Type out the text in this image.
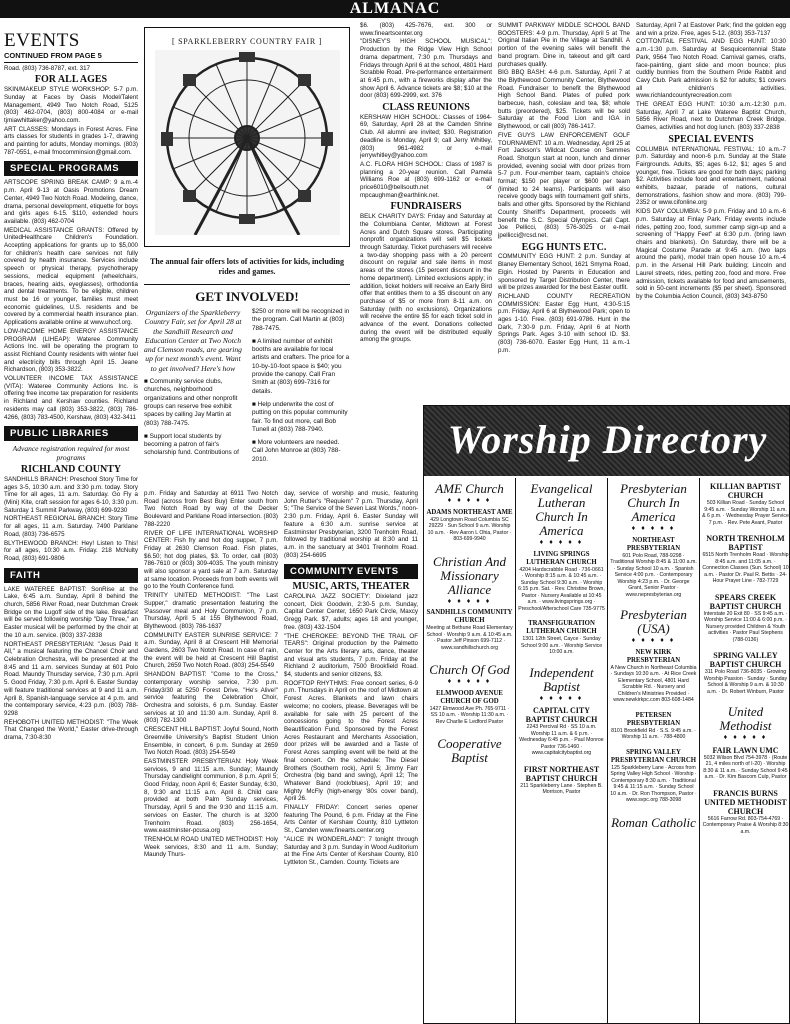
ALMANAC
EVENTS
CONTINUED FROM PAGE 5

Road. (803) 736-8787, ext. 317

FOR ALL AGES

SKIN/MAKEUP STYLE WORKSHOP: 5-7 p.m. Sunday at Faces by Oasis Model/Talent Management, 4949 Two Notch Road, 5125 (803) 462-0704, (803) 800-4084 or e-mail tjmiawhittaker@yahoo.com.

ART CLASSES: Mondays in Forest Acres. Fine arts classes for students in grades 1-7, drawing and painting for adults, Monday mornings. (803) 787-0551, e-mail fmocomminsion@gmail.com.

SPECIAL PROGRAMS

ARTSCOPE SPRING BREAK CAMP: 9 a.m.-4 p.m. April 9-13 at Oasis Promotions Dream Center, 4949 Two Notch Road. Modeling, dance, drama, personal development, etiquette for boys and girls ages 6-15. $110, extended hours available. (803) 462-0704

MEDICAL ASSISTANCE GRANTS: Offered by UnitedHealthcare Children's Foundation. Accepting applications for grants up to $5,000 for children's health care services not fully covered by health insurance. Services include speech or physical therapy, psychotherapy sessions, medical equipment (wheelchairs, braces, hearing aids, eyeglasses), orthodontia and dental treatments. To be eligible, children must be 16 or younger, families must meet economic guidelines, U.S. residents and be covered by a commercial health insurance plan. Applications available online at www.uhccf.org.

LOW-INCOME HOME ENERGY ASSISTANCE PROGRAM (LIHEAP): Wateree Community Actions Inc. will be operating the program to assist Richland County residents with winter fuel and electricity bills through April 15. Jeane Richardson, (803) 353-3822.

VOLUNTEER INCOME TAX ASSISTANCE (VITA): Wateree Community Actions Inc. is offering free income tax preparation for residents in Richland and Kershaw counties. Richland residents may call (803) 353-3822, (803) 786-4266, (803) 783-4500, Kershaw, (803) 432-3411

PUBLIC LIBRARIES
Advance registration required for most programs
RICHLAND COUNTY

SANDHILLS BRANCH: Preschool Story Time for ages 3-5, 10:30 a.m. and 3:30 p.m. today. Story Time for all ages, 11 a.m. Saturday. Go Fly a (Mini) Kite, craft session for ages 6-10, 3:30 p.m. Saturday 1 Summit Parkway, (803) 699-9230

NORTHEAST REGIONAL BRANCH: Story Time for all ages, 11 a.m. Saturday. 7490 Parklane Road, (803) 736-6575

BLYTHEWOOD BRANCH: Hey! Listen to This! for all ages, 10:30 a.m. Friday. 218 McNulty Road, (803) 691-9806

FAITH

LAKE WATEREE BAPTIST: SonRise at the Lake, 6:45 a.m. Sunday, April 8 behind the church, 5856 River Road, near Dutchman Creek Bridge on the Lugoff side of the lake. Breakfast will be served following worship "Day Three," an Easter musical will be performed by the choir at the 10 a.m. service. (803) 337-2838

NORTHEAST PRESBYTERIAN: "Jesus Paid It All," a musical featuring the Chancel Choir and Celebration Orchestra, will be presented at the 8:45 and 11 a.m. services Sunday at 601 Polo Road. Maundy Thursday service, 7:30 p.m. April 5. Good Friday, 7:30 p.m. April 6. Easter Sunday will feature traditional services at 9 and 11 a.m. April 8, Spanish-language service at 4 p.m. and the contemporary service, 4:23 p.m. (803) 788-9298

REHOBOTH UNITED METHODIST: "The Week That Changed the World," Easter drive-through drama, 7:30-8:30

[ SPARKLEBERRY COUNTRY FAIR ]
The annual fair offers lots of activities for kids, including rides and games.
GET INVOLVED!

Organizers of the Sparkleberry Country Fair, set for April 28 at the Sandhill Research and Education Center at Two Notch and Clemson roads, are gearing up for next month's event. Want to get involved? Here's how

■ Community service clubs, churches, neighborhood organizations and other nonprofit groups can reserve free exhibit spaces by calling Jay Martin at (803) 788-7475.

■ Support local students by becoming a patron of fair's scholarship fund. Contributions of

$250 or more will be recognized in the program. Call Martin at (803) 788-7475.

■ A limited number of exhibit booths are available for local artists and crafters. The price for a 10-by-10-foot space is $40; you provide the canopy. Call Fran Smith at (803) 699-7316 for details.

■ Help underwrite the cost of putting on this popular community fair. To find out more, call Bob Tunell at (803) 788-7940.

■ More volunteers are needed. Call John Monroe at (803) 788-2010.

p.m. Friday and Saturday at 6911 Two Notch Road (across from Best Buy) Enter south from Two Notch Road by way of the Decker Boulevard and Parklane Road intersection. (803) 788-2220

RIVER OF LIFE INTERNATIONAL WORSHIP CENTER: Fish fry and hot dog supper, 7 p.m. Friday at 2630 Clemson Road. Fish plates, $6.50; hot dog plates, $3. To order, call (803) 786-7610 or (803) 309-4035. The youth ministry will also sponsor a yard sale at 7 a.m. Saturday at same location. Proceeds from both events will go to the Youth Conference fund.

TRINITY UNITED METHODIST: "The Last Supper," dramatic presentation featuring the 'Passover meal and Holy Communion, 7 p.m. Thursday, April 5 at 155 Blythewood Road, Blythewood. (803) 786-1637

COMMUNITY EASTER SUNRISE SERVICE: 7 a.m. Sunday, April 8 at Crescent Hill Memorial Gardens, 2603 Two Notch Road. In case of rain, the event will be held at Crescent Hill Baptist Church, 2659 Two Notch Road. (803) 254-5549

SHANDON BAPTIST: "Come to the Cross," contemporary worship service, 7:30 p.m. Friday3/30 at 5250 Forest Drive. "He's Alive!" service featuring the Celebration Choir, Orchestra and soloists, 6 p.m. Sunday. Easter services at 10 and 11:30 a.m. Sunday, April 8. (803) 782-1300

CRESCENT HILL BAPTIST: Joyful Sound, North Greenville University's Baptist Student Union Ensemble, in concert, 6 p.m. Sunday at 2659 Two Notch Road. (803) 254-5549

EASTMINSTER PRESBYTERIAN: Holy Week services, 9 and 11:15 a.m. Sunday; Maundy Thursday candlelight communion, 8 p.m. April 5; Good Friday, noon April 6; Easter Sunday, 6:30, 8, 9:30 and 11:15 a.m. April 8. Child care provided at both Palm Sunday services, Thursday, April 5 and the 9:30 and 11:15 a.m. services on Easter. The church is at 3200 Trenholm Road. (803) 256-1654, www.eastminster-pcusa.org

TRENHOLM ROAD UNITED METHODIST: Holy Week services, 8:30 and 11 a.m. Sunday; Maundy Thurs-

day, service of worship and music, featuring John Rutter's "Requiem" 7 p.m. Thursday, April 5; "The Service of the Seven Last Words," noon-2:30 p.m. Friday, April 6. Easter Sunday will feature a 6:30 a.m. sunrise service at Eastminster Presbyterian, 3200 Trenholm Road, followed by traditional worship at 8:30 and 11 a.m. in the sanctuary at 3401 Trenholm Road. (803) 254-6695

COMMUNITY EVENTS
MUSIC, ARTS, THEATER

CAROLINA JAZZ SOCIETY: Dixieland jazz concert, Dick Goodwin, 2:30-5 p.m. Sunday, Capital Center Center, 1650 Park Circle, Maxcy Gregg Park. $7, adults; ages 18 and younger, free. (803) 432-1504

"THE CHEROKEE: BEYOND THE TRAIL OF TEARS": Original production by the Palmetto Center for the Arts literary arts, dance, theater and visual arts students, 7 p.m. Friday at the Richland 2 auditorium, 7500 Brookfield Road. $4, students and senior citizens, $3.

ROOFTOP RHYTHMS: Free concert series, 6-9 p.m. Thursdays in April on the roof of Midtown at Forest Acres. Blankets and lawn chairs welcome; no coolers, please. Beverages will be available for sale with 25 percent of the concessions going to the Forest Acres Beautification Fund. Sponsored by the Forest Acres Restaurant and Merchants Association, door prizes will be awarded and a Taste of Forest Acres sampling event will be held at the final concert. On the schedule: The Diesel Brothers (Southern rock), April 5; Jimmy Farr Orchestra (big band and swing), April 12; The Whatever Band (rock/blues), April 19; and Mighty McFly (high-energy '80s cover band), April 26.

FINALLY FRIDAY: Concert series opener featuring The Pound, 6 p.m. Friday at the Fine Arts Center of Kershaw County, 810 Lyttleton St., Camden www.finearts.center.org

"ALICE IN WONDERLAND": 7 tonight through Saturday and 3 p.m. Sunday in Wood Auditorium at the Fine Arts Center of Kershaw County, 810 Lyttleton St., Camden. County. Tickets are

$6. (803) 425-7676, ext. 300 or www.fineartscenter.org

"DISNEY'S HIGH SCHOOL MUSICAL": Production by the Ridge View High School drama department, 7:30 p.m. Thursdays and Fridays through April 6 at the school, 4801 Hard Scrabble Road. Pre-performance entertainment at 6:45 p.m., with a fireworks display after the show April 6. Advance tickets are $8; $10 at the door (803) 699-2999, ext. 376

CLASS REUNIONS

KERSHAW HIGH SCHOOL: Classes of 1964-69, Saturday, April 28 at the Camden Shrine Club. All alumni are invited; $30. Registration deadline is Monday, April 9; call Jerry Whitley, (803) 961-4982 or e-mail jerrywhitley@yahoo.com

A.C. FLORA HIGH SCHOOL: Class of 1987 is planning a 20-year reunion. Call Pamela Williams Roe at (803) 699-1162 or e-mail price6010@bellsouth.net or mpcaughman@earthlink.net.

FUNDRAISERS

BELK CHARITY DAYS: Friday and Saturday at the Columbiana Center, Midtown at Forest Acres and Dutch Square stores. Participating nonprofit organizations will sell $5 tickets through Saturday. Ticket purchasers will receive a two-day shopping pass with a 20 percent discount on regular and sale items in most areas of the stores (15 percent discount in the home department). Limited exclusions apply; in addition, ticket holders will receive an Early Bird offer that entitles them to a $5 discount on any purchase of $5 or more from 8-11 a.m. on Saturday (with no exclusions). Organizations will receive the entire $5 for each ticket sold in advance of the event. Donations collected during the event will be distributed equally among the groups.

SUMMIT PARKWAY MIDDLE SCHOOL BAND BOOSTERS: 4-9 p.m. Thursday, April 5 at The Original Italian Pie in the Village at Sandhill. A portion of the evening sales will benefit the band program. Dine in, takeout and gift card purchases qualify.

BIG BBQ BASH: 4-6 p.m. Saturday, April 7 at the Blythewood Community Center, Blythewood Road. Fundraiser to benefit the Blythewood High School Band. Plates of pulled pork barbecue, hash, coleslaw and tea, $8; whole butts (preordered), $25. Tickets will be sold Saturday at the Food Lion and IGA in Blythewood, or call (803) 786-1417.

FIVE GUYS LAW ENFORCEMENT GOLF TOURNAMENT: 10 a.m. Wednesday, April 25 at Fort Jackson's Wildcat Course on Semmes Road. Shotgun start at noon, lunch and dinner provided, evening social with door prizes from 5-7 p.m. Four-member team, captain's choice format; $150 per player or $600 per team (limited to 24 teams). Participants will also receive goody bags with tournament golf shirts, balls and other gifts. Sponsored by the Richland County Sheriff's Department, proceeds will benefit the S.C. Special Olympics. Call Capt. Joe Pellicci, (803) 576-3025 or e-mail jpellicci@rcsd.net.

EGG HUNTS ETC.

COMMUNITY EGG HUNT: 2 p.m. Sunday at Blaney Elementary School, 1621 Smyrna Road, Elgin. Hosted by Parents in Education and sponsored by Target Distribution Center, there will be prizes awarded for the best Easter outfit.

RICHLAND COUNTY RECREATION COMMISSION: Easter Egg Hunt, 4:30-5:15 p.m. Friday, April 6 at Blythewood Park; open to ages 1-10. Free. (803) 691-9786. Hunt in the Dark, 7:30-9 p.m. Friday, April 6 at North Springs Park. Ages 3-10 with school ID. $3. (803) 736-6070. Easter Egg Hunt, 11 a.m.-1 p.m.

Saturday, April 7 at Eastover Park; find the golden egg and win a prize. Free, ages 5-12. (803) 353-7137

COTTONTAIL FESTIVAL AND EGG HUNT: 10:30 a.m.-1:30 p.m. Saturday at Sesquicentennial State Park, 9564 Two Notch Road. Carnival games, crafts, face-painting, giant slide and moon bounce; plus cuddly bunnies from the Southern Pride Rabbit and Cavy Club. Park admission is $2 for adults; $1 covers all children's activities. www.richlandcountyrecreation.com

THE GREAT EGG HUNT: 10:30 a.m.-12:30 p.m. Saturday, April 7 at Lake Wateree Baptist Church, 5856 River Road, next to Dutchman Creek Bridge. Games, activities and hot dog lunch. (803) 337-2838

SPECIAL EVENTS

COLUMBIA INTERNATIONAL FESTIVAL: 10 a.m.-7 p.m. Saturday and noon-6 p.m. Sunday at the State Fairgrounds. Adults, $5; ages 6-12, $1; ages 5 and younger, free. Tickets are good for both days; parking $2. Activities include food and entertainment, national exhibits, bazaar, parade of nations, cultural demonstrations, fashion show and more. (803) 799-2352 or www.cifonline.org

KIDS DAY COLUMBIA: 5-9 p.m. Friday and 10 a.m.-6 p.m. Saturday at Finlay Park. Friday events include rides, petting zoo, food, summer camp sign-up and a screening of "Happy Feet" at 6:30 p.m. (bring lawn chairs and blankets). On Saturday, there will be a Magical Costume Parade at 9:45 a.m. (two laps around the park), model train open house 10 a.m.-4 p.m. in the Arsenal Hill Park building; Lincoln and Laurel streets, rides, petting zoo, food and more. Free admission, tickets available for food and amusements, sold in 50-cent increments ($5 per sheet). Sponsored by the Columbia Action Council, (803) 343-8750

Worship Directory
AME Church
♦ ♦ ♦ ♦ ♦
ADAMS NORTHEAST AME
429 Longtown Road Columbia SC 29229 · Sun School 9 a.m. Worship 10 a.m. · Rev Aaron L Ohia, Pastor · 803-699-9940
Christian And Missionary Alliance
♦ ♦ ♦ ♦ ♦
SANDHILLS COMMUNITY CHURCH
Meeting at Bethune Road Elementary School · Worship 9 a.m. & 10:45 a.m. · Pastor Jeff Pinson 699-7112 · www.sandhillschurch.org
Church Of God
♦ ♦ ♦ ♦ ♦
ELMWOOD AVENUE CHURCH OF GOD
1427 Elmwood Ave Ph. 765-9711 · SS 10 a.m. · Worship 11:30 a.m. · Rev Charlie E Ledford Pastor
Cooperative Baptist
Evangelical Lutheran Church In America
♦ ♦ ♦ ♦ ♦
LIVING SPRINGS LUTHERAN CHURCH
4204 Hardscrabble Road · 736-0661 · Worship 8:15 a.m. & 10:45 a.m. · Sunday School 9:30 a.m. · Worship 6:15 p.m. Sat. · Rev. Christine Brown, Pastor · Nursery Available at 10:45 a.m. · www.livingsprings.org · Preschool/Afterschool Care 735-9775
TRANSFIGURATION LUTHERAN CHURCH
1301 12th Street, Cayce · Sunday School 9:00 a.m. · Worship Service 10:00 a.m.
Independent Baptist
♦ ♦ ♦ ♦ ♦
CAPITAL CITY BAPTIST CHURCH
2243 Percival Rd · SS 10 a.m. Worship 11 a.m. & 6 p.m. · Wednesday 6:45 p.m. · Paul Monroe Pastor 736-1460 · www.capitalcitybaptist.org
FIRST NORTHEAST BAPTIST CHURCH
211 Sparkleberry Lane · Stephen B. Morrison, Pastor
Presbyterian Church In America
♦ ♦ ♦ ♦ ♦
NORTHEAST PRESBYTERIAN
601 Polo Road, 788-9298 · Traditional Worship 8:45 & 11:00 a.m. · Sunday School 10 a.m. · Spanish Service 4:00 p.m. · Contemporary Worship 4:23 p.m. · Dr. George Grant, Senior Pastor · www.nepresbyterian.org
Presbyterian (USA)
♦ ♦ ♦ ♦ ♦
NEW KIRK PRESBYTERIAN
A New Church in Northeast Columbia · Sundays 10:30 a.m. · At Rice Creek Elementary School, 4801 Hard Scrabble Rd. · Nursery and Children's Ministries Provided · www.newkirkpc.com 803-608-1484
PETERSEN PRESBYTERIAN
8101 Brookfield Rd · S.S. 9:45 a.m. · Worship 11 a.m. · 788-4800
SPRING VALLEY PRESBYTERIAN CHURCH
125 Sparkleberry Lane · Across from Spring Valley High School · Worship · Contemporary 8:30 a.m. · Traditional 9:45 & 11:15 a.m. · Sunday School 10 a.m. · Dr. Ron Thompson, Pastor · www.svpc.org 788-3098
Roman Catholic
KILLIAN BAPTIST CHURCH
503 Killian Road · Sunday School 9:45 a.m. · Sunday Worship 11 a.m. & 6 p.m. · Wednesday Prayer Service 7 p.m. · Rev. Pete Avant, Pastor
NORTH TRENHOLM BAPTIST
6515 North Trenholm Road · Worship 8:45 a.m. and 11:05 a.m. · Connection Classes (Sun. School) 10 a.m. · Pastor Dr. Paul R. Bettis · 24-Hour Prayer Line - 782-7729
SPEARS CREEK BAPTIST CHURCH
Interstate 20 Exit 80 · SS 9:45 a.m. · Worship Service 11:00 & 6:00 p.m. · Nursery provided Children & Youth activities · Pastor Paul Stephens (788-0136)
SPRING VALLEY BAPTIST CHURCH
311 Polo Road 736-8035 · Growing Worship Passion · Sunday · Sunday School & Worship 9 a.m. & 10:30 a.m. · Dr. Robert Winburn, Pastor
United Methodist
♦ ♦ ♦ ♦ ♦
FAIR LAWN UMC
5032 Wilson Blvd 754-3978 · (Route 21, 4 miles north of I-20) · Worship 8:30 & 11 a.m. · Sunday School 9:45 a.m. · Dr. Kim Bascom Culp, Pastor
FRANCIS BURNS UNITED METHODIST CHURCH
5616 Farrow Rd. 803-754-4769 · Contemporary Praise & Worship 8:30 a.m.
